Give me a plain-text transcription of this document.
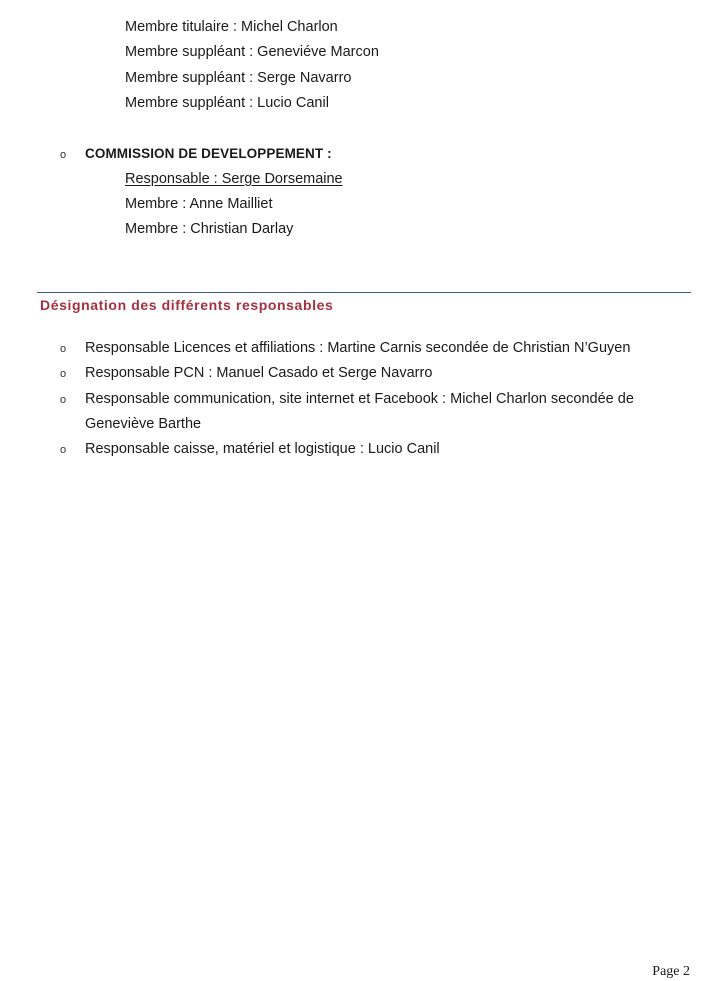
Membre titulaire : Michel Charlon
Membre suppléant : Geneviéve Marcon
Membre suppléant : Serge Navarro
Membre suppléant : Lucio Canil
o COMMISSION DE DEVELOPPEMENT :
Responsable : Serge Dorsemaine
Membre : Anne Mailliet
Membre : Christian Darlay
Désignation des différents responsables
o Responsable Licences et affiliations : Martine Carnis secondée de Christian N’Guyen
o Responsable PCN : Manuel Casado et Serge Navarro
o Responsable communication, site internet et Facebook : Michel Charlon secondée de
Geneviève Barthe
o Responsable caisse, matériel et logistique : Lucio Canil
Page 2
